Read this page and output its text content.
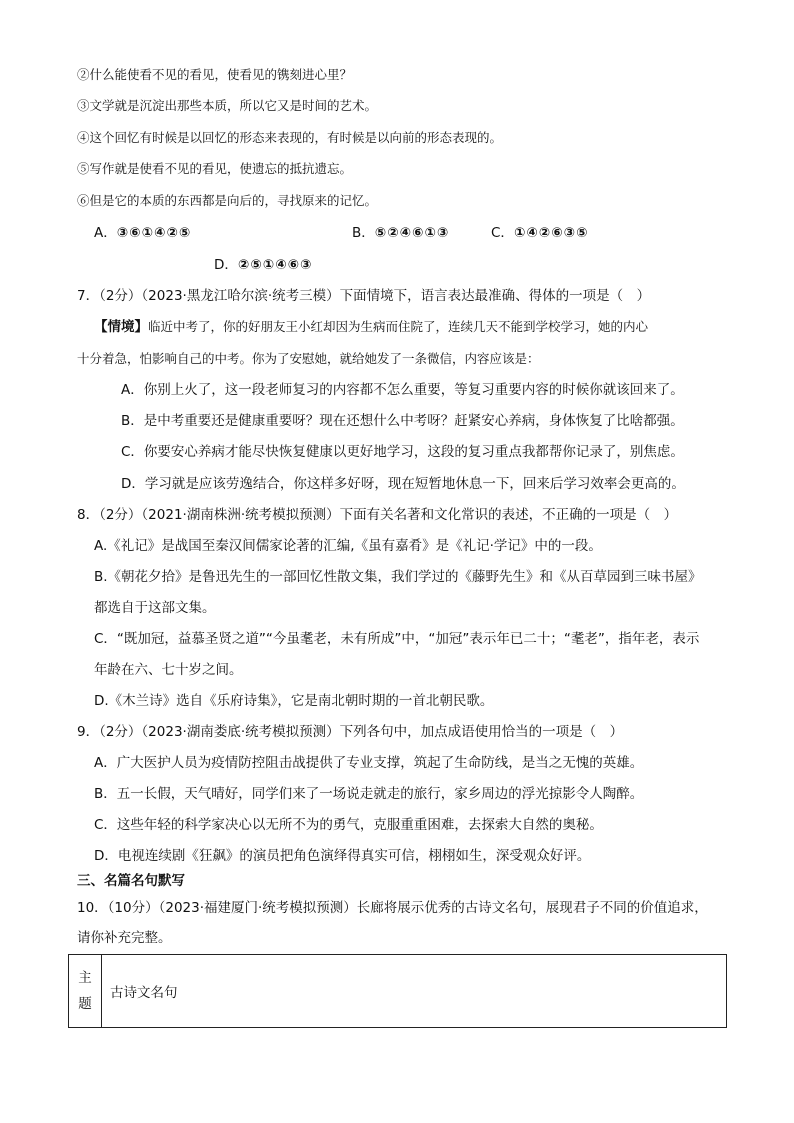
②什么能使看不见的看见，使看见的镌刻进心里？
③文学就是沉淀出那些本质，所以它又是时间的艺术。
④这个回忆有时候是以回忆的形态来表现的，有时候是以向前的形态表现的。
⑤写作就是使看不见的看见，使遗忘的抵抗遗忘。
⑥但是它的本质的东西都是向后的，寻找原来的记忆。
A．③⑥①④②⑤	B．⑤②④⑥①③	C．①④②⑥③⑤
D．②⑤①④⑥③
7．（2分）（2023·黑龙江哈尔滨·统考三模）下面情境下，语言表达最准确、得体的一项是（　）
【情境】临近中考了，你的好朋友王小红却因为生病而住院了，连续几天不能到学校学习，她的内心
十分着急，怕影响自己的中考。你为了安慰她，就给她发了一条微信，内容应该是：
A．你别上火了，这一段老师复习的内容都不怎么重要，等复习重要内容的时候你就该回来了。
B．是中考重要还是健康重要呀？现在还想什么中考呀？赶紧安心养病，身体恢复了比啥都强。
C．你要安心养病才能尽快恢复健康以更好地学习，这段的复习重点我都帮你记录了，别焦虑。
D．学习就是应该劳逸结合，你这样多好呀，现在短暂地休息一下，回来后学习效率会更高的。
8．（2分）（2021·湖南株洲·统考模拟预测）下面有关名著和文化常识的表述，不正确的一项是（　）
A.《礼记》是战国至秦汉间儒家论著的汇编,《虽有嘉肴》是《礼记·学记》中的一段。
B.《朝花夕拾》是鲁迅先生的一部回忆性散文集，我们学过的《藤野先生》和《从百草园到三味书屋》
都选自于这部文集。
C．“既加冠，益慕圣贤之道”“今虽耄老，未有所成”中，“加冠”表示年已二十；“耄老”，指年老，表示
年龄在六、七十岁之间。
D.《木兰诗》选自《乐府诗集》，它是南北朝时期的一首北朝民歌。
9．（2分）（2023·湖南娄底·统考模拟预测）下列各句中，加点成语使用恰当的一项是（　）
A．广大医护人员为疫情防控阻击战提供了专业支撑，筑起了生命防线，是当之无愧的英雄。
B．五一长假，天气晴好，同学们来了一场说走就走的旅行，家乡周边的浮光掠影令人陶醉。
C．这些年轻的科学家决心以无所不为的勇气，克服重重困难，去探索大自然的奥秘。
D．电视连续剧《狂飙》的演员把角色演绎得真实可信，栩栩如生，深受观众好评。
三、名篇名句默写
10．（10分）（2023·福建厦门·统考模拟预测）长廊将展示优秀的古诗文名句，展现君子不同的价值追求，
请你补充完整。
主
题
	古诗文名句
